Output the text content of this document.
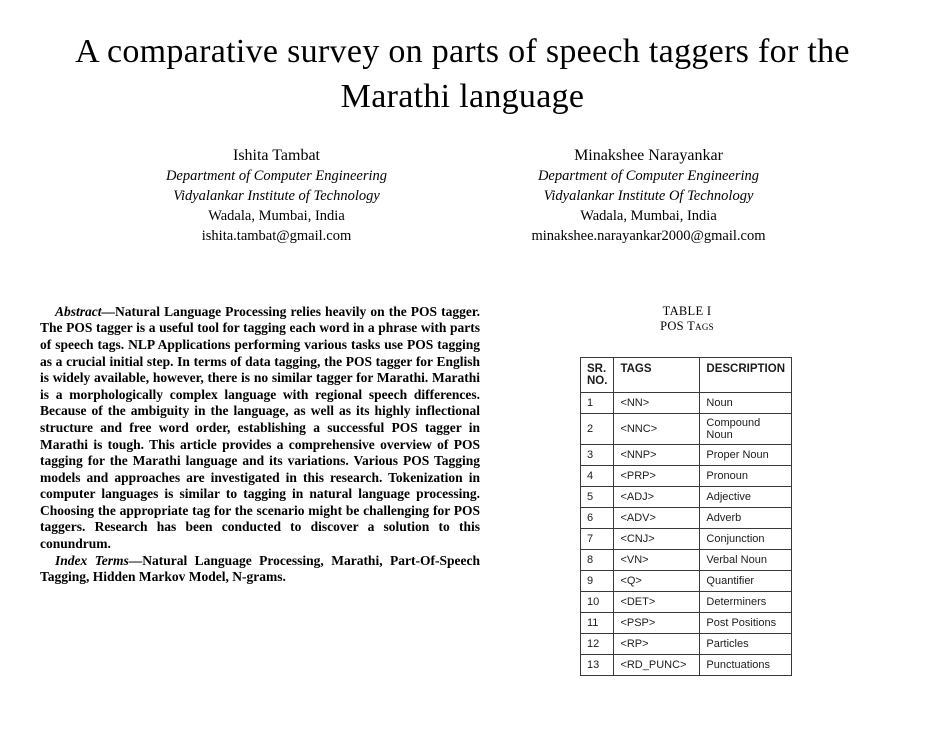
A comparative survey on parts of speech taggers for the Marathi language
Ishita Tambat
Department of Computer Engineering
Vidyalankar Institute of Technology
Wadala, Mumbai, India
ishita.tambat@gmail.com
Minakshee Narayankar
Department of Computer Engineering
Vidyalankar Institute Of Technology
Wadala, Mumbai, India
minakshee.narayankar2000@gmail.com

Abstract—Natural Language Processing relies heavily on the POS tagger. The POS tagger is a useful tool for tagging each word in a phrase with parts of speech tags. NLP Applications performing various tasks use POS tagging as a crucial initial step. In terms of data tagging, the POS tagger for English is widely available, however, there is no similar tagger for Marathi. Marathi is a morphologically complex language with regional speech differences. Because of the ambiguity in the language, as well as its highly inflectional structure and free word order, establishing a successful POS tagger in Marathi is tough. This article provides a comprehensive overview of POS tagging for the Marathi language and its variations. Various POS Tagging models and approaches are investigated in this research. Tokenization in computer languages is similar to tagging in natural language processing. Choosing the appropriate tag for the scenario might be challenging for POS taggers. Research has been conducted to discover a solution to this conundrum.

Index Terms—Natural Language Processing, Marathi, Part-Of-Speech Tagging, Hidden Markov Model, N-grams.

TABLE I
POS Tags
SR. NO.	TAGS	DESCRIPTION
1	<NN>	Noun
2	<NNC>	Compound Noun
3	<NNP>	Proper Noun
4	<PRP>	Pronoun
5	<ADJ>	Adjective
6	<ADV>	Adverb
7	<CNJ>	Conjunction
8	<VN>	Verbal Noun
9	<Q>	Quantifier
10	<DET>	Determiners
11	<PSP>	Post Positions
12	<RP>	Particles
13	<RD_PUNC>	Punctuations
